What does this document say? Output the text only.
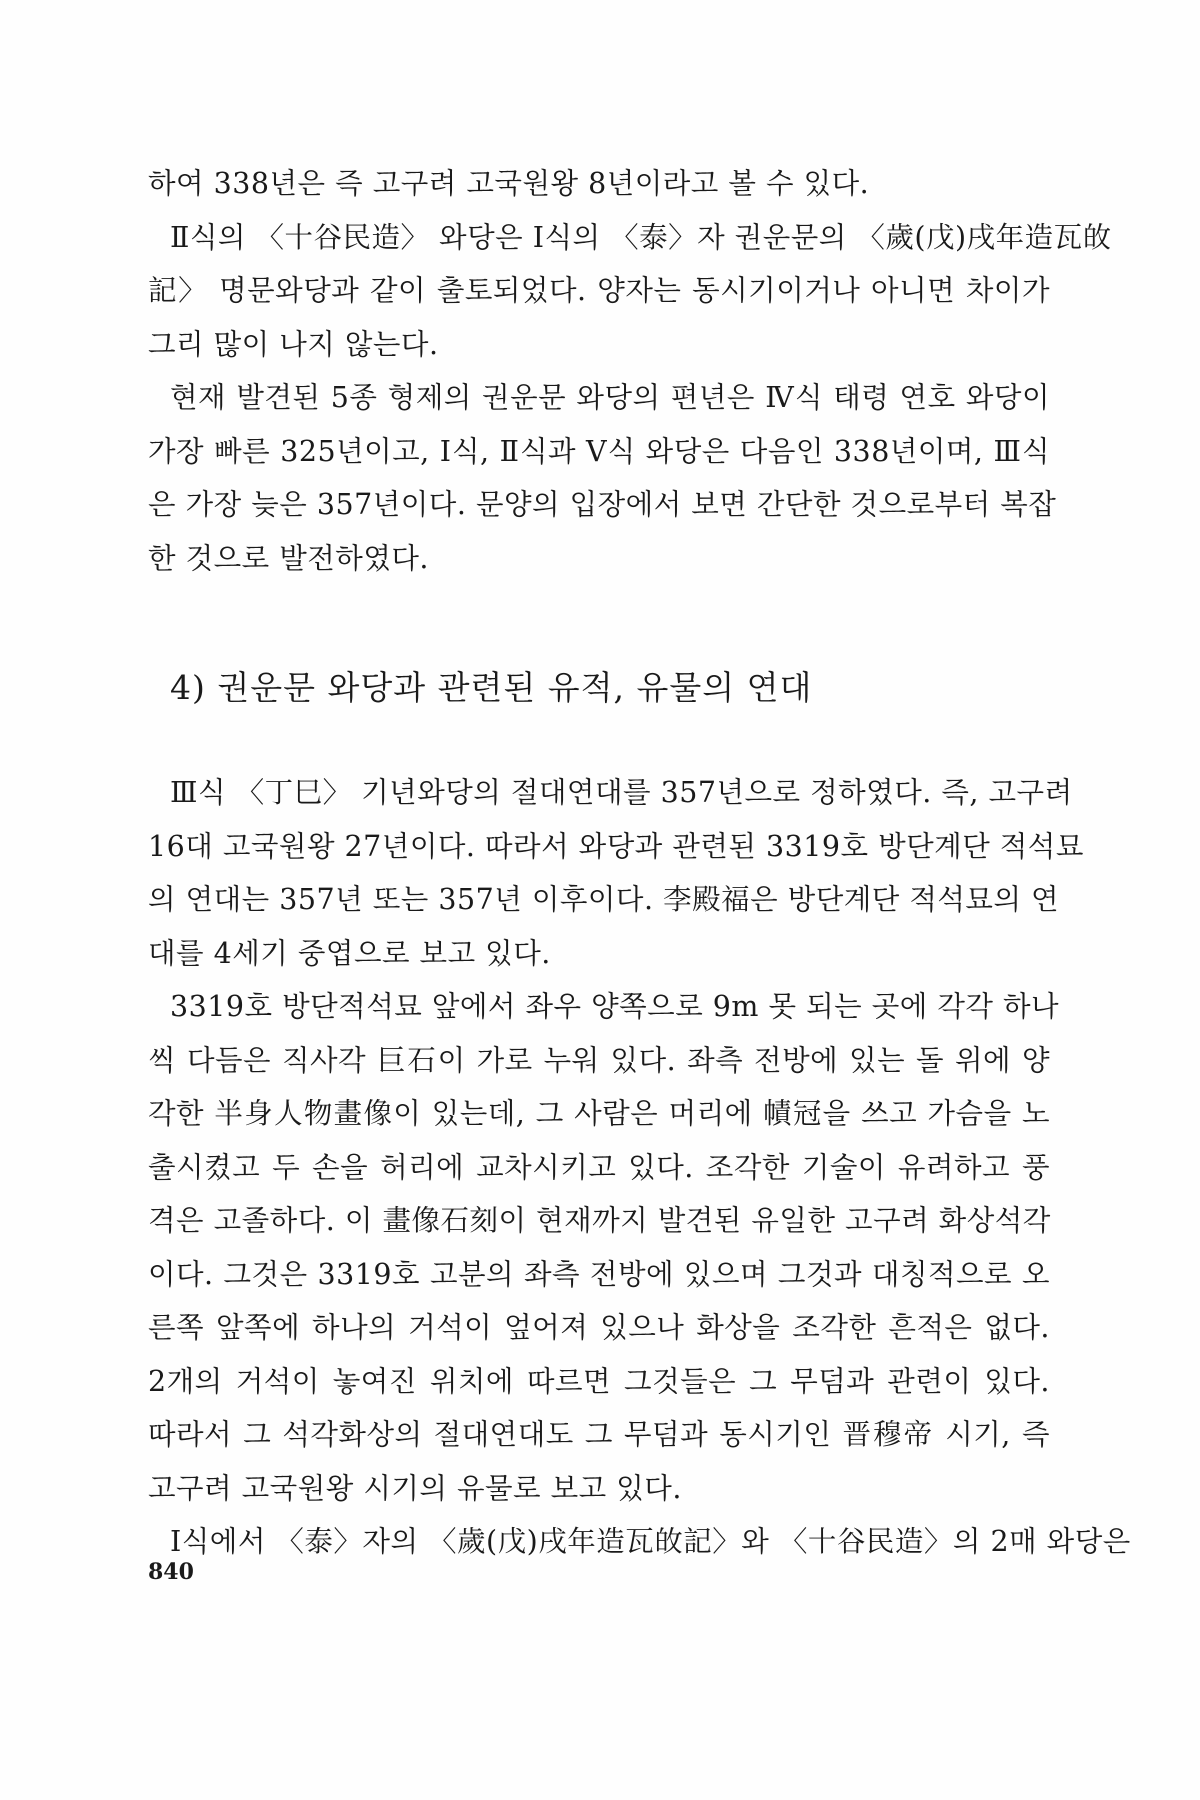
하여 338년은 즉 고구려 고국원왕 8년이라고 볼 수 있다.
Ⅱ식의 〈十谷民造〉 와당은 Ⅰ식의 〈泰〉자 권운문의 〈歲(戊)戌年造瓦敀
記〉 명문와당과 같이 출토되었다. 양자는 동시기이거나 아니면 차이가
그리 많이 나지 않는다.
현재 발견된 5종 형제의 권운문 와당의 편년은 Ⅳ식 태령 연호 와당이
가장 빠른 325년이고, Ⅰ식, Ⅱ식과 Ⅴ식 와당은 다음인 338년이며, Ⅲ식
은 가장 늦은 357년이다. 문양의 입장에서 보면 간단한 것으로부터 복잡
한 것으로 발전하였다.
4) 권운문 와당과 관련된 유적, 유물의 연대
Ⅲ식 〈丁巳〉 기년와당의 절대연대를 357년으로 정하였다. 즉, 고구려
16대 고국원왕 27년이다. 따라서 와당과 관련된 3319호 방단계단 적석묘
의 연대는 357년 또는 357년 이후이다. 李殿福은 방단계단 적석묘의 연
대를 4세기 중엽으로 보고 있다.
3319호 방단적석묘 앞에서 좌우 양쪽으로 9m 못 되는 곳에 각각 하나
씩 다듬은 직사각 巨石이 가로 누워 있다. 좌측 전방에 있는 돌 위에 양
각한 半身人物畫像이 있는데, 그 사람은 머리에 幘冠을 쓰고 가슴을 노
출시켰고 두 손을 허리에 교차시키고 있다. 조각한 기술이 유려하고 풍
격은 고졸하다. 이 畫像石刻이 현재까지 발견된 유일한 고구려 화상석각
이다. 그것은 3319호 고분의 좌측 전방에 있으며 그것과 대칭적으로 오
른쪽 앞쪽에 하나의 거석이 엎어져 있으나 화상을 조각한 흔적은 없다.
2개의 거석이 놓여진 위치에 따르면 그것들은 그 무덤과 관련이 있다.
따라서 그 석각화상의 절대연대도 그 무덤과 동시기인 晋穆帝 시기, 즉
고구려 고국원왕 시기의 유물로 보고 있다.
Ⅰ식에서 〈泰〉자의 〈歲(戊)戌年造瓦敀記〉와 〈十谷民造〉의 2매 와당은
840
